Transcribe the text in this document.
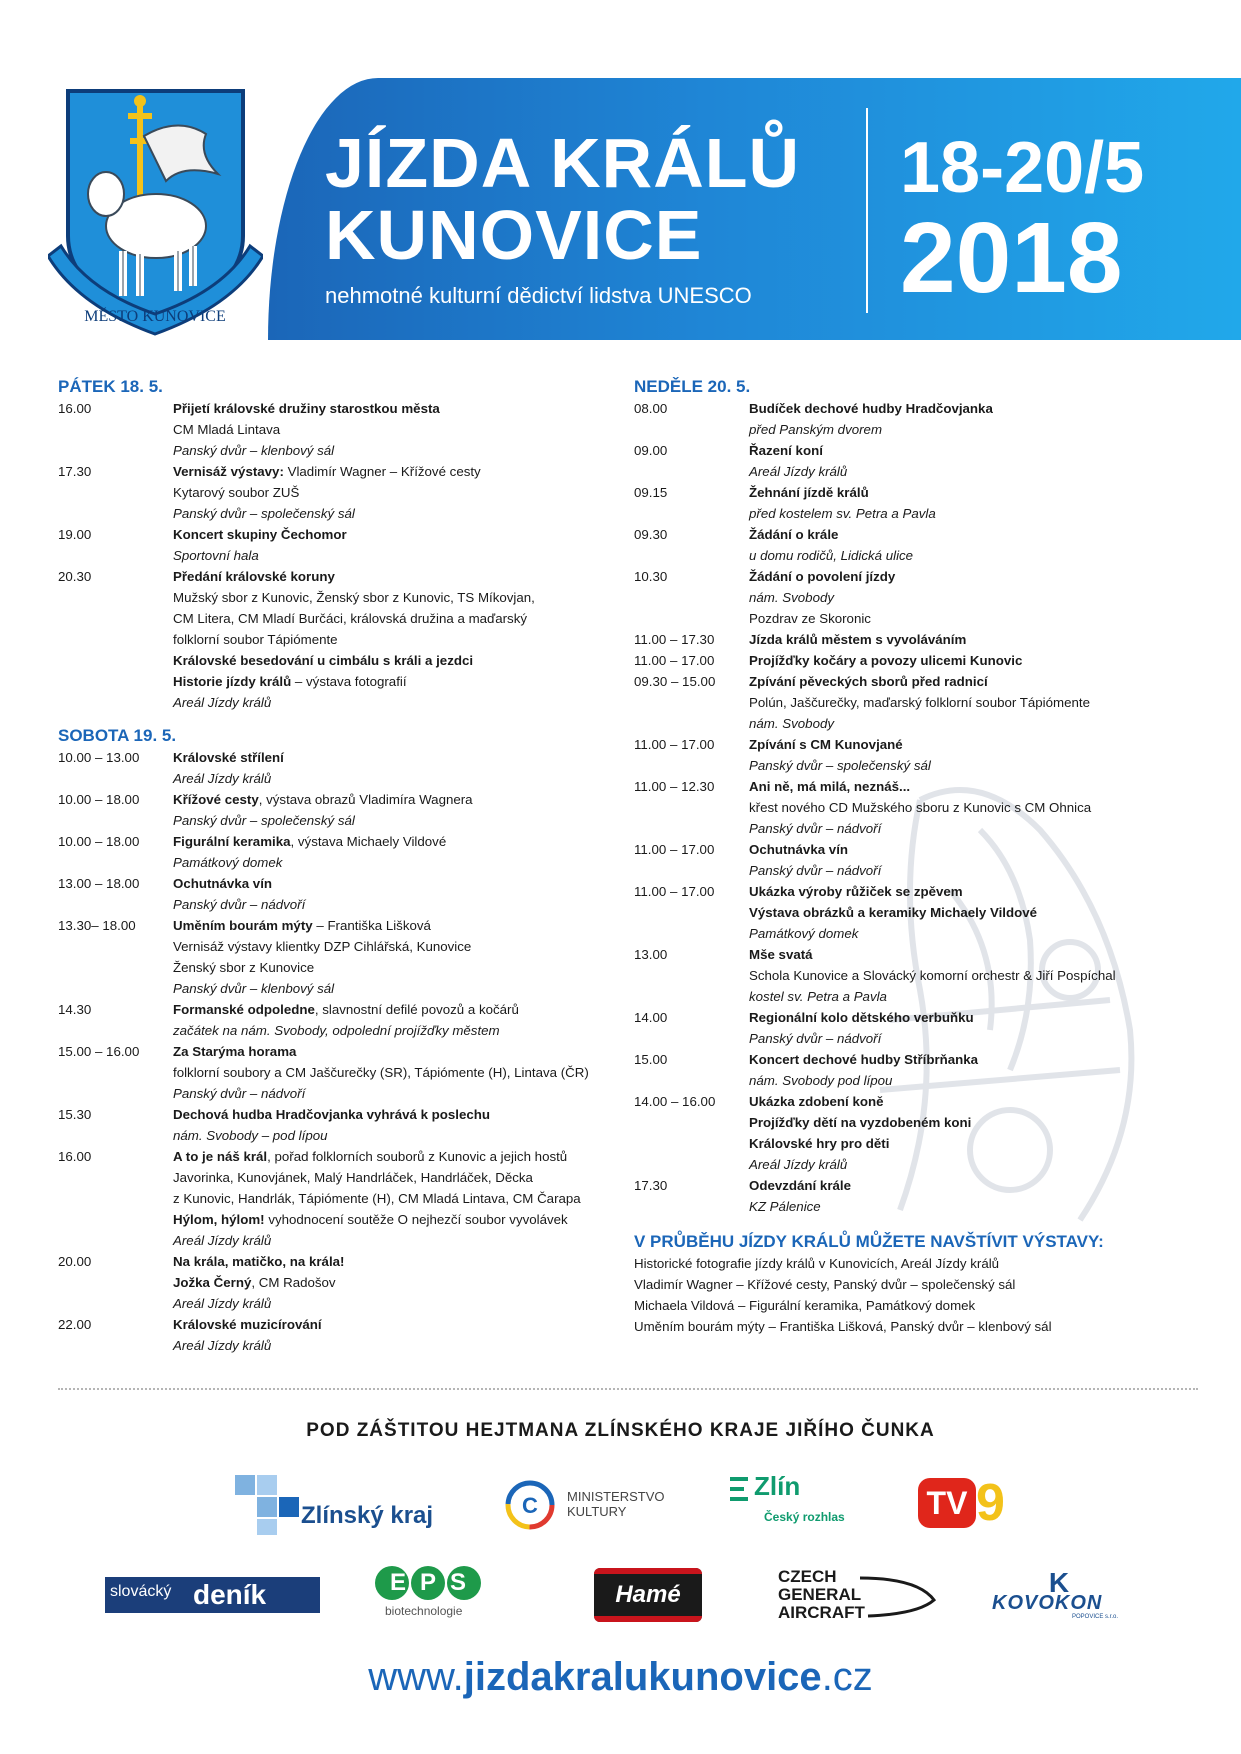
MĚSTO KUNOVICE
JÍZDA KRÁLŮ
KUNOVICE
nehmotné kulturní dědictví lidstva UNESCO
18-20/5
2018
PÁTEK 18. 5.
16.00	Přijetí královské družiny starostkou města
CM Mladá Lintava
Panský dvůr – klenbový sál
17.30	Vernisáž výstavy: Vladimír Wagner – Křížové cesty
Kytarový soubor ZUŠ
Panský dvůr – společenský sál
19.00	Koncert skupiny Čechomor
Sportovní hala
20.30	Předání královské koruny
Mužský sbor z Kunovic, Ženský sbor z Kunovic, TS Míkovjan,
CM Litera, CM Mladí Burčáci, královská družina a maďarský
folklorní soubor Tápiómente
Královské besedování u cimbálu s králi a jezdci
Historie jízdy králů – výstava fotografií
Areál Jízdy králů
SOBOTA 19. 5.
10.00 – 13.00	Královské střílení
Areál Jízdy králů
10.00 – 18.00	Křížové cesty, výstava obrazů Vladimíra Wagnera
Panský dvůr – společenský sál
10.00 – 18.00	Figurální keramika, výstava Michaely Vildové
Památkový domek
13.00 – 18.00	Ochutnávka vín
Panský dvůr – nádvoří
13.30– 18.00	Uměním bourám mýty – Františka Lišková
Vernisáž výstavy klientky DZP Cihlářská, Kunovice
Ženský sbor z Kunovice
Panský dvůr – klenbový sál
14.30	Formanské odpoledne, slavnostní defilé povozů a kočárů
začátek na nám. Svobody, odpolední projížďky městem
15.00 – 16.00	Za Starýma horama
folklorní soubory a CM Jaščurečky (SR), Tápiómente (H), Lintava (ČR)
Panský dvůr – nádvoří
15.30	Dechová hudba Hradčovjanka vyhrává k poslechu
nám. Svobody – pod lípou
16.00	A to je náš král, pořad folklorních souborů z Kunovic a jejich hostů
Javorinka, Kunovjánek, Malý Handrláček, Handrláček, Děcka
z Kunovic, Handrlák, Tápiómente (H), CM Mladá Lintava, CM Čarapa
Hýlom, hýlom! vyhodnocení soutěže O nejhezčí soubor vyvolávek
Areál Jízdy králů
20.00	Na krála, matičko, na krála!
Jožka Černý, CM Radošov
Areál Jízdy králů
22.00	Královské muzicírování
Areál Jízdy králů
NEDĚLE 20. 5.
08.00	Budíček dechové hudby Hradčovjanka
před Panským dvorem
09.00	Řazení koní
Areál Jízdy králů
09.15	Žehnání jízdě králů
před kostelem sv. Petra a Pavla
09.30	Žádání o krále
u domu rodičů, Lidická ulice
10.30	Žádání o povolení jízdy
nám. Svobody
Pozdrav ze Skoronic
11.00 – 17.30	Jízda králů městem s vyvoláváním
11.00 – 17.00	Projížďky kočáry a povozy ulicemi Kunovic
09.30 – 15.00	Zpívání pěveckých sborů před radnicí
Polún, Jaščurečky, maďarský folklorní soubor Tápiómente
nám. Svobody
11.00 – 17.00	Zpívání s CM Kunovjané
Panský dvůr – společenský sál
11.00 – 12.30	Ani ně, má milá, neznáš...
křest nového CD Mužského sboru z Kunovic s CM Ohnica
Panský dvůr – nádvoří
11.00 – 17.00	Ochutnávka vín
Panský dvůr – nádvoří
11.00 – 17.00	Ukázka výroby růžiček se zpěvem
Výstava obrázků a keramiky Michaely Vildové
Památkový domek
13.00	Mše svatá
Schola Kunovice a Slovácký komorní orchestr & Jiří Pospíchal
kostel sv. Petra a Pavla
14.00	Regionální kolo dětského verbuňku
Panský dvůr – nádvoří
15.00	Koncert dechové hudby Stříbrňanka
nám. Svobody pod lípou
14.00 – 16.00	Ukázka zdobení koně
Projížďky dětí na vyzdobeném koni
Královské hry pro děti
Areál Jízdy králů
17.30	Odevzdání krále
KZ Pálenice
V PRŮBĚHU JÍZDY KRÁLŮ MŮŽETE NAVŠTÍVIT VÝSTAVY:
Historické fotografie jízdy králů v Kunovicích, Areál Jízdy králů
Vladimír Wagner – Křížové cesty, Panský dvůr – společenský sál
Michaela Vildová – Figurální keramika, Památkový domek
Uměním bourám mýty – Františka Lišková, Panský dvůr – klenbový sál
POD ZÁŠTITOU HEJTMANA ZLÍNSKÉHO KRAJE JIŘÍHO ČUNKA
Zlínský kraj	C MINISTERSTVO
KULTURY
Zlín
Český rozhlas	TV 9
slovácký deník	EPS
biotechnologie
Hamé
CZECH
GENERAL
AIRCRAFT
K
KOVOKON
POPOVICE s.r.o.
www.jizdakralukunovice.cz
